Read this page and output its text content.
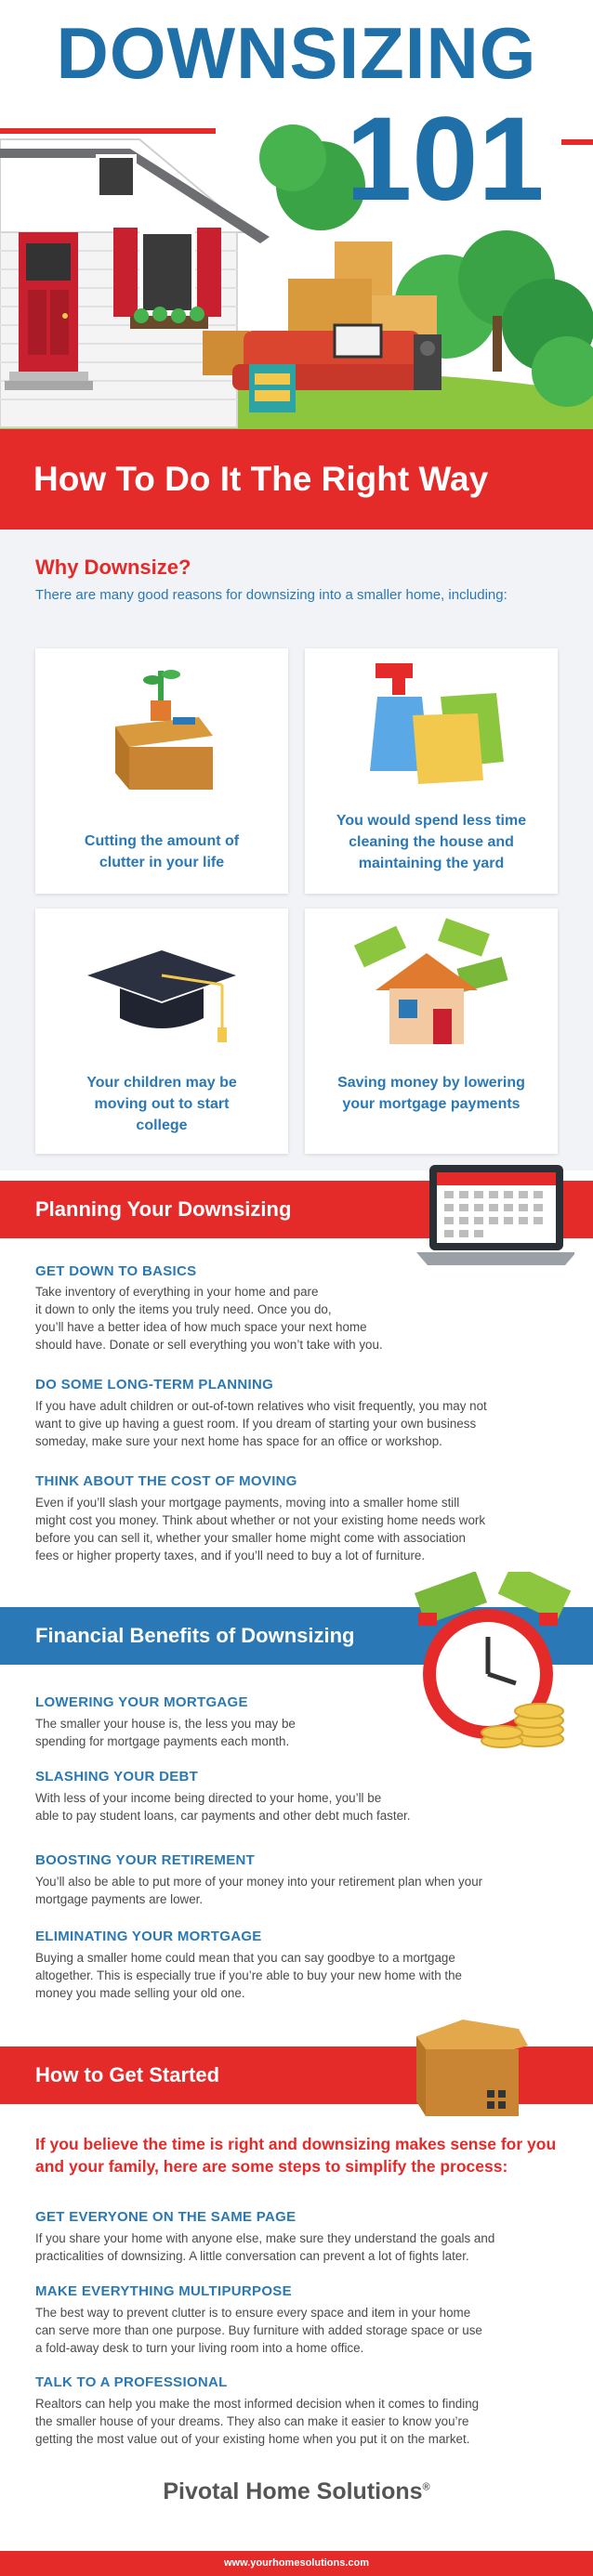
DOWNSIZING
101
How To Do It The Right Way
Why Downsize?
There are many good reasons for downsizing into a smaller home, including:
Cutting the amount of clutter in your life
You would spend less time cleaning the house and maintaining the yard
Your children may be moving out to start college
Saving money by lowering your mortgage payments
Planning Your Downsizing
GET DOWN TO BASICS
Take inventory of everything in your home and pare
it down to only the items you truly need. Once you do,
you’ll have a better idea of how much space your next home
should have. Donate or sell everything you won’t take with you.
DO SOME LONG-TERM PLANNING
If you have adult children or out-of-town relatives who visit frequently, you may not
want to give up having a guest room. If you dream of starting your own business
someday, make sure your next home has space for an office or workshop.
THINK ABOUT THE COST OF MOVING
Even if you’ll slash your mortgage payments, moving into a smaller home still
might cost you money. Think about whether or not your existing home needs work
before you can sell it, whether your smaller home might come with association
fees or higher property taxes, and if you’ll need to buy a lot of furniture.
Financial Benefits of Downsizing
LOWERING YOUR MORTGAGE
The smaller your house is, the less you may be
spending for mortgage payments each month.
SLASHING YOUR DEBT
With less of your income being directed to your home, you’ll be
able to pay student loans, car payments and other debt much faster.
BOOSTING YOUR RETIREMENT
You’ll also be able to put more of your money into your retirement plan when your
mortgage payments are lower.
ELIMINATING YOUR MORTGAGE
Buying a smaller home could mean that you can say goodbye to a mortgage
altogether. This is especially true if you’re able to buy your new home with the
money you made selling your old one.
How to Get Started
If you believe the time is right and downsizing makes sense for you and your family, here are some steps to simplify the process:
GET EVERYONE ON THE SAME PAGE
If you share your home with anyone else, make sure they understand the goals and
practicalities of downsizing. A little conversation can prevent a lot of fights later.
MAKE EVERYTHING MULTIPURPOSE
The best way to prevent clutter is to ensure every space and item in your home
can serve more than one purpose. Buy furniture with added storage space or use
a fold-away desk to turn your living room into a home office.
TALK TO A PROFESSIONAL
Realtors can help you make the most informed decision when it comes to finding
the smaller house of your dreams. They also can make it easier to know you’re
getting the most value out of your existing home when you put it on the market.
Pivotal Home Solutions®
www.yourhomesolutions.com
